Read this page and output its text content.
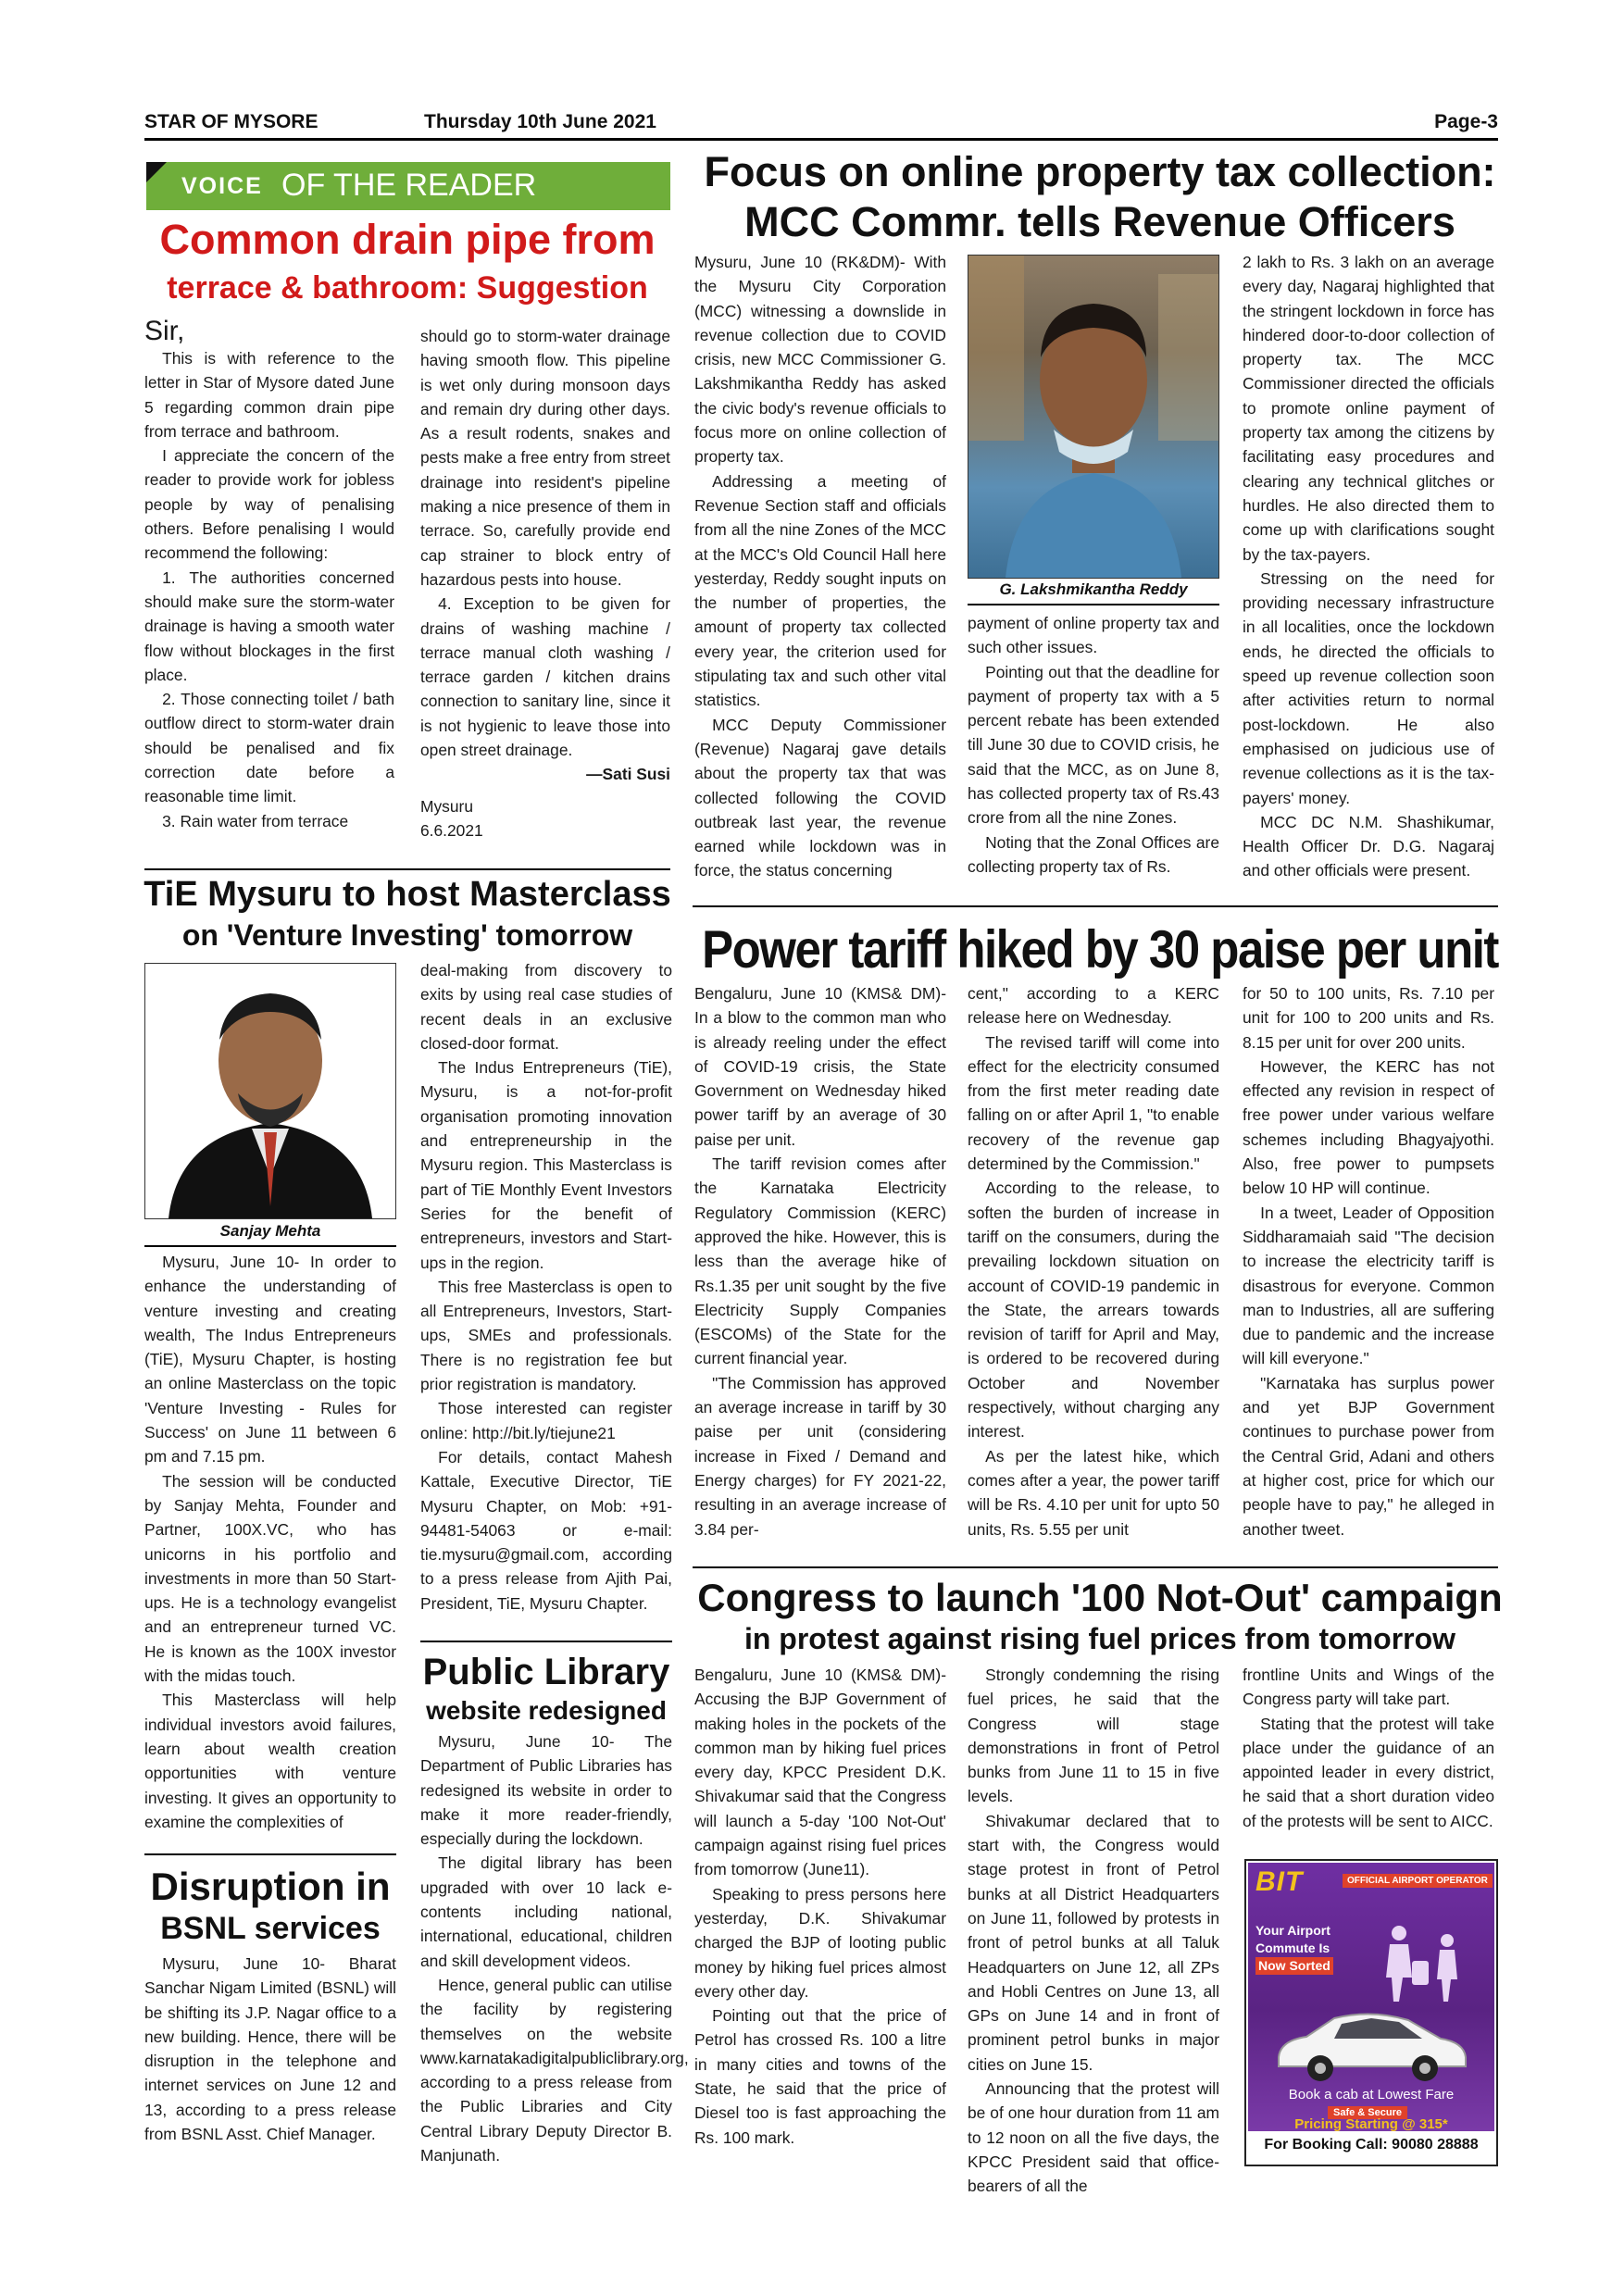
STAR OF MYSORE	Thursday 10th June 2021	Page-3
VOICE OF THE READER
Common drain pipe from
terrace & bathroom: Suggestion

Sir,

This is with reference to the letter in Star of Mysore dated June 5 regarding common drain pipe from terrace and bathroom.

I appreciate the concern of the reader to provide work for jobless people by way of penalising others. Before penalising I would recommend the following:

1. The authorities concerned should make sure the storm-water drainage is having a smooth water flow without blockages in the first place.

2. Those connecting toilet / bath outflow direct to storm-water drain should be penalised and fix correction date before a reasonable time limit.

3. Rain water from terrace

should go to storm-water drainage having smooth flow. This pipeline is wet only during monsoon days and remain dry during other days. As a result rodents, snakes and pests make a free entry from street drainage into resident's pipeline making a nice presence of them in terrace. So, carefully provide end cap strainer to block entry of hazardous pests into house.

4. Exception to be given for drains of washing machine / terrace manual cloth washing / terrace garden / kitchen drains connection to sanitary line, since it is not hygienic to leave those into open street drainage.

—Sati Susi
Mysuru
6.6.2021
Focus on online property tax collection:
MCC Commr. tells Revenue Officers

Mysuru, June 10 (RK&DM)- With the Mysuru City Corporation (MCC) witnessing a downslide in revenue collection due to COVID crisis, new MCC Commissioner G. Lakshmikantha Reddy has asked the civic body's revenue officials to focus more on online collection of property tax.

Addressing a meeting of Revenue Section staff and officials from all the nine Zones of the MCC at the MCC's Old Council Hall here yesterday, Reddy sought inputs on the number of properties, the amount of property tax collected every year, the criterion used for stipulating tax and such other vital statistics.

MCC Deputy Commissioner (Revenue) Nagaraj gave details about the property tax that was collected following the COVID outbreak last year, the revenue earned while lockdown was in force, the status concerning

G. Lakshmikantha Reddy

payment of online property tax and such other issues.

Pointing out that the deadline for payment of property tax with a 5 percent rebate has been extended till June 30 due to COVID crisis, he said that the MCC, as on June 8, has collected property tax of Rs.43 crore from all the nine Zones.

Noting that the Zonal Offices are collecting property tax of Rs.

2 lakh to Rs. 3 lakh on an average every day, Nagaraj highlighted that the stringent lockdown in force has hindered door-to-door collection of property tax. The MCC Commissioner directed the officials to promote online payment of property tax among the citizens by facilitating easy procedures and clearing any technical glitches or hurdles. He also directed them to come up with clarifications sought by the tax-payers.

Stressing on the need for providing necessary infrastructure in all localities, once the lockdown ends, he directed the officials to speed up revenue collection soon after activities return to normal post-lockdown. He also emphasised on judicious use of revenue collections as it is the tax-payers' money.

MCC DC N.M. Shashikumar, Health Officer Dr. D.G. Nagaraj and other officials were present.

Power tariff hiked by 30 paise per unit

Bengaluru, June 10 (KMS& DM)- In a blow to the common man who is already reeling under the effect of COVID-19 crisis, the State Government on Wednesday hiked power tariff by an average of 30 paise per unit.

The tariff revision comes after the Karnataka Electricity Regulatory Commission (KERC) approved the hike. However, this is less than the average hike of Rs.1.35 per unit sought by the five Electricity Supply Companies (ESCOMs) of the State for the current financial year.

"The Commission has approved an average increase in tariff by 30 paise per unit (considering increase in Fixed / Demand and Energy charges) for FY 2021-22, resulting in an average increase of 3.84 per-

cent," according to a KERC release here on Wednesday.

The revised tariff will come into effect for the electricity consumed from the first meter reading date falling on or after April 1, "to enable recovery of the revenue gap determined by the Commission."

According to the release, to soften the burden of increase in tariff on the consumers, during the prevailing lockdown situation on account of COVID-19 pandemic in the State, the arrears towards revision of tariff for April and May, is ordered to be recovered during October and November respectively, without charging any interest.

As per the latest hike, which comes after a year, the power tariff will be Rs. 4.10 per unit for upto 50 units, Rs. 5.55 per unit

for 50 to 100 units, Rs. 7.10 per unit for 100 to 200 units and Rs. 8.15 per unit for over 200 units.

However, the KERC has not effected any revision in respect of free power under various welfare schemes including Bhagyajyothi. Also, free power to pumpsets below 10 HP will continue.

In a tweet, Leader of Opposition Siddharamaiah said "The decision to increase the electricity tariff is disastrous for everyone. Common man to Industries, all are suffering due to pandemic and the increase will kill everyone."

"Karnataka has surplus power and yet BJP Government continues to purchase power from the Central Grid, Adani and others at higher cost, price for which our people have to pay," he alleged in another tweet.

TiE Mysuru to host Masterclass
on 'Venture Investing' tomorrow
Sanjay Mehta

Mysuru, June 10- In order to enhance the understanding of venture investing and creating wealth, The Indus Entrepreneurs (TiE), Mysuru Chapter, is hosting an online Masterclass on the topic 'Venture Investing - Rules for Success' on June 11 between 6 pm and 7.15 pm.

The session will be conducted by Sanjay Mehta, Founder and Partner, 100X.VC, who has unicorns in his portfolio and investments in more than 50 Start-ups. He is a technology evangelist and an entrepreneur turned VC. He is known as the 100X investor with the midas touch.

This Masterclass will help individual investors avoid failures, learn about wealth creation opportunities with venture investing. It gives an opportunity to examine the complexities of

deal-making from discovery to exits by using real case studies of recent deals in an exclusive closed-door format.

The Indus Entrepreneurs (TiE), Mysuru, is a not-for-profit organisation promoting innovation and entrepreneurship in the Mysuru region. This Masterclass is part of TiE Monthly Event Investors Series for the benefit of entrepreneurs, investors and Start-ups in the region.

This free Masterclass is open to all Entrepreneurs, Investors, Start-ups, SMEs and professionals. There is no registration fee but prior registration is mandatory.

Those interested can register online: http://bit.ly/tiejune21

For details, contact Mahesh Kattale, Executive Director, TiE Mysuru Chapter, on Mob: +91-94481-54063 or e-mail: tie.mysuru@gmail.com, according to a press release from Ajith Pai, President, TiE, Mysuru Chapter.

Disruption in
BSNL services

Mysuru, June 10- Bharat Sanchar Nigam Limited (BSNL) will be shifting its J.P. Nagar office to a new building. Hence, there will be disruption in the telephone and internet services on June 12 and 13, according to a press release from BSNL Asst. Chief Manager.

Public Library
website redesigned

Mysuru, June 10- The Department of Public Libraries has redesigned its website in order to make it more reader-friendly, especially during the lockdown.

The digital library has been upgraded with over 10 lack e-contents including national, international, educational, children and skill development videos.

Hence, general public can utilise the facility by registering themselves on the website www.karnatakadigitalpubliclibrary.org, according to a press release from the Public Libraries and City Central Library Deputy Director B. Manjunath.

Congress to launch '100 Not-Out' campaign
in protest against rising fuel prices from tomorrow

Bengaluru, June 10 (KMS& DM)- Accusing the BJP Government of making holes in the pockets of the common man by hiking fuel prices every day, KPCC President D.K. Shivakumar said that the Congress will launch a 5-day '100 Not-Out' campaign against rising fuel prices from tomorrow (June11).

Speaking to press persons here yesterday, D.K. Shivakumar charged the BJP of looting public money by hiking fuel prices almost every other day.

Pointing out that the price of Petrol has crossed Rs. 100 a litre in many cities and towns of the State, he said that the price of Diesel too is fast approaching the Rs. 100 mark.

Strongly condemning the rising fuel prices, he said that the Congress will stage demonstrations in front of Petrol bunks from June 11 to 15 in five levels.

Shivakumar declared that to start with, the Congress would stage protest in front of Petrol bunks at all District Headquarters on June 11, followed by protests in front of petrol bunks at all Taluk Headquarters on June 12, all ZPs and Hobli Centres on June 13, all GPs on June 14 and in front of prominent petrol bunks in major cities on June 15.

Announcing that the protest will be of one hour duration from 11 am to 12 noon on all the five days, the KPCC President said that office-bearers of all the

frontline Units and Wings of the Congress party will take part.

Stating that the protest will take place under the guidance of an appointed leader in every district, he said that a short duration video of the protests will be sent to AICC.

BIT	OFFICIAL AIRPORT OPERATOR
Your Airport
Commute Is
Now Sorted
Book a cab at Lowest Fare
Safe & Secure
Pricing Starting @ 315*
For Booking Call: 90080 28888
